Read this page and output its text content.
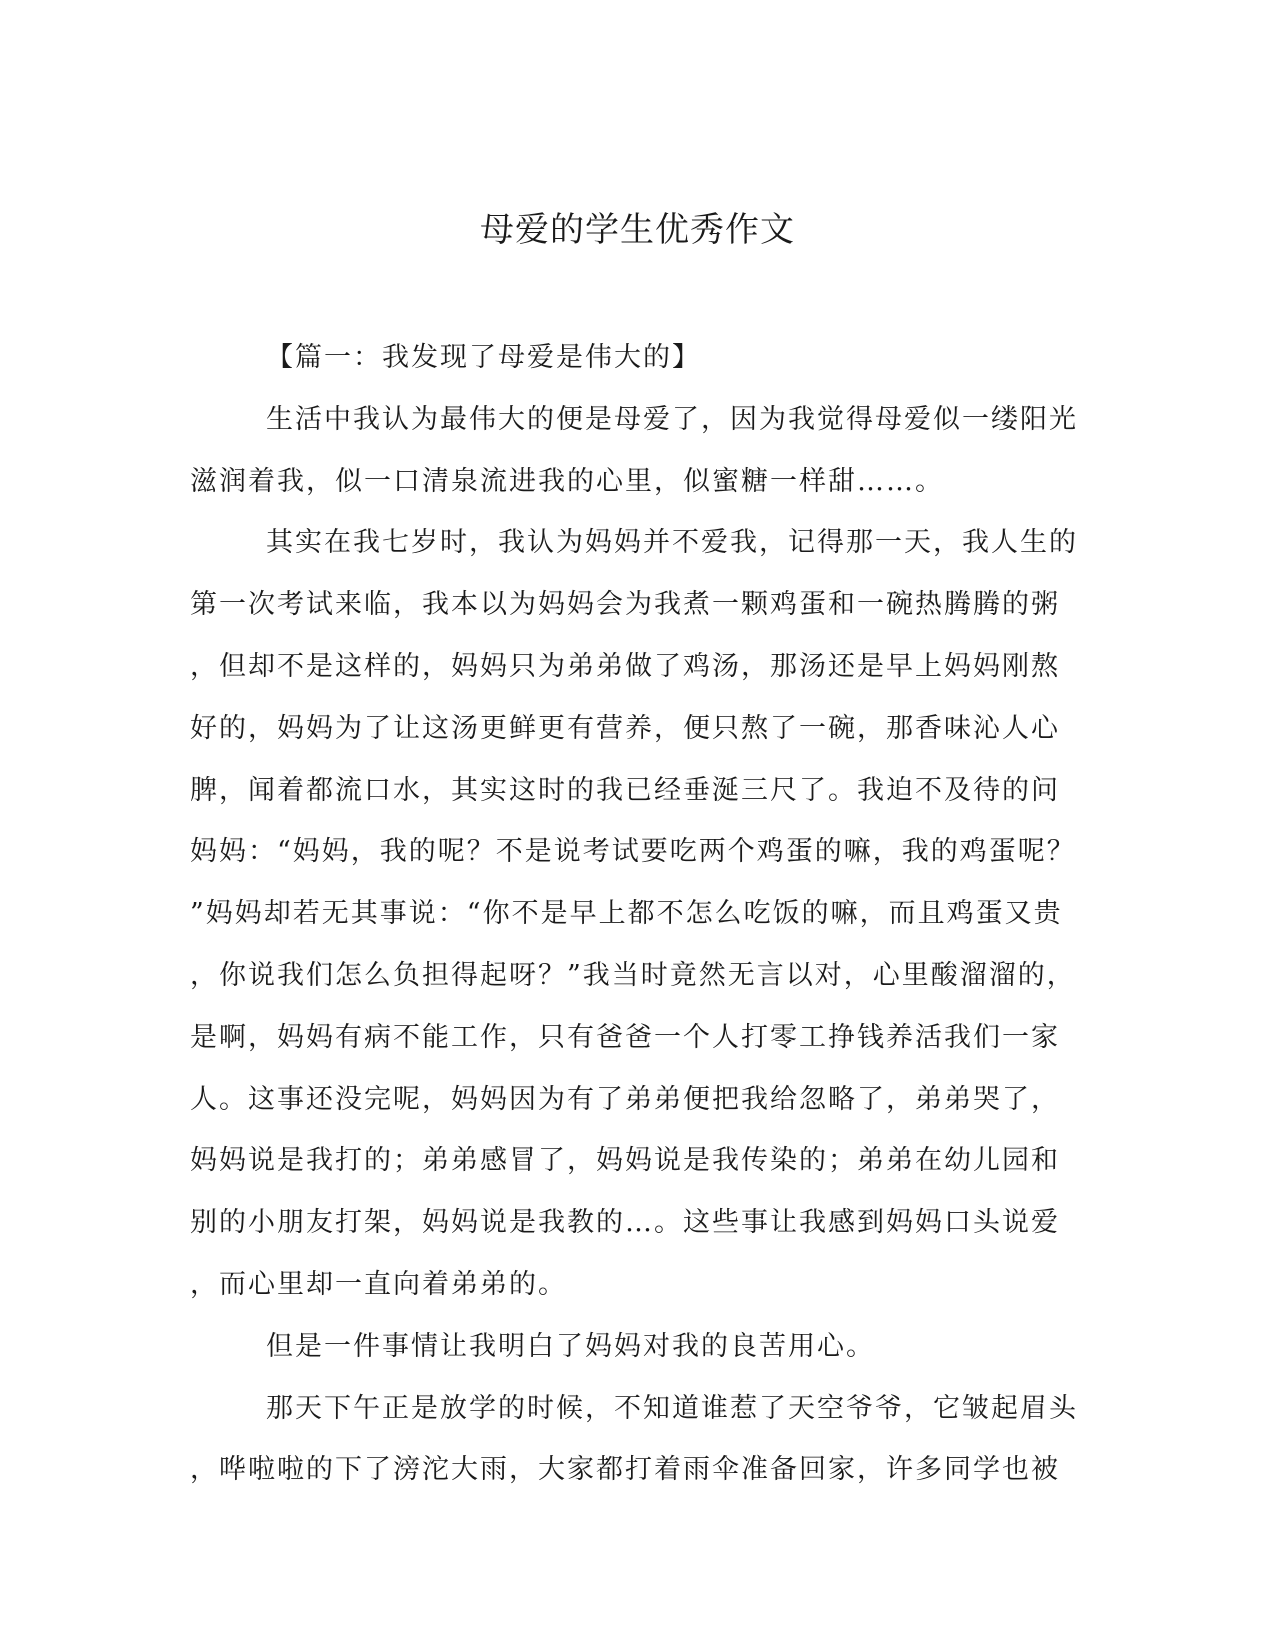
母爱的学生优秀作文
【篇一：我发现了母爱是伟大的】
生活中我认为最伟大的便是母爱了，因为我觉得母爱似一缕阳光
滋润着我，似一口清泉流进我的心里，似蜜糖一样甜……。
其实在我七岁时，我认为妈妈并不爱我，记得那一天，我人生的
第一次考试来临，我本以为妈妈会为我煮一颗鸡蛋和一碗热腾腾的粥
，但却不是这样的，妈妈只为弟弟做了鸡汤，那汤还是早上妈妈刚熬
好的，妈妈为了让这汤更鲜更有营养，便只熬了一碗，那香味沁人心
脾，闻着都流口水，其实这时的我已经垂涎三尺了。我迫不及待的问
妈妈：“妈妈，我的呢？不是说考试要吃两个鸡蛋的嘛，我的鸡蛋呢？
”妈妈却若无其事说：“你不是早上都不怎么吃饭的嘛，而且鸡蛋又贵
，你说我们怎么负担得起呀？”我当时竟然无言以对，心里酸溜溜的，
是啊，妈妈有病不能工作，只有爸爸一个人打零工挣钱养活我们一家
人。这事还没完呢，妈妈因为有了弟弟便把我给忽略了，弟弟哭了，
妈妈说是我打的；弟弟感冒了，妈妈说是我传染的；弟弟在幼儿园和
别的小朋友打架，妈妈说是我教的…。这些事让我感到妈妈口头说爱
，而心里却一直向着弟弟的。
但是一件事情让我明白了妈妈对我的良苦用心。
那天下午正是放学的时候，不知道谁惹了天空爷爷，它皱起眉头
，哗啦啦的下了滂沱大雨，大家都打着雨伞准备回家，许多同学也被
